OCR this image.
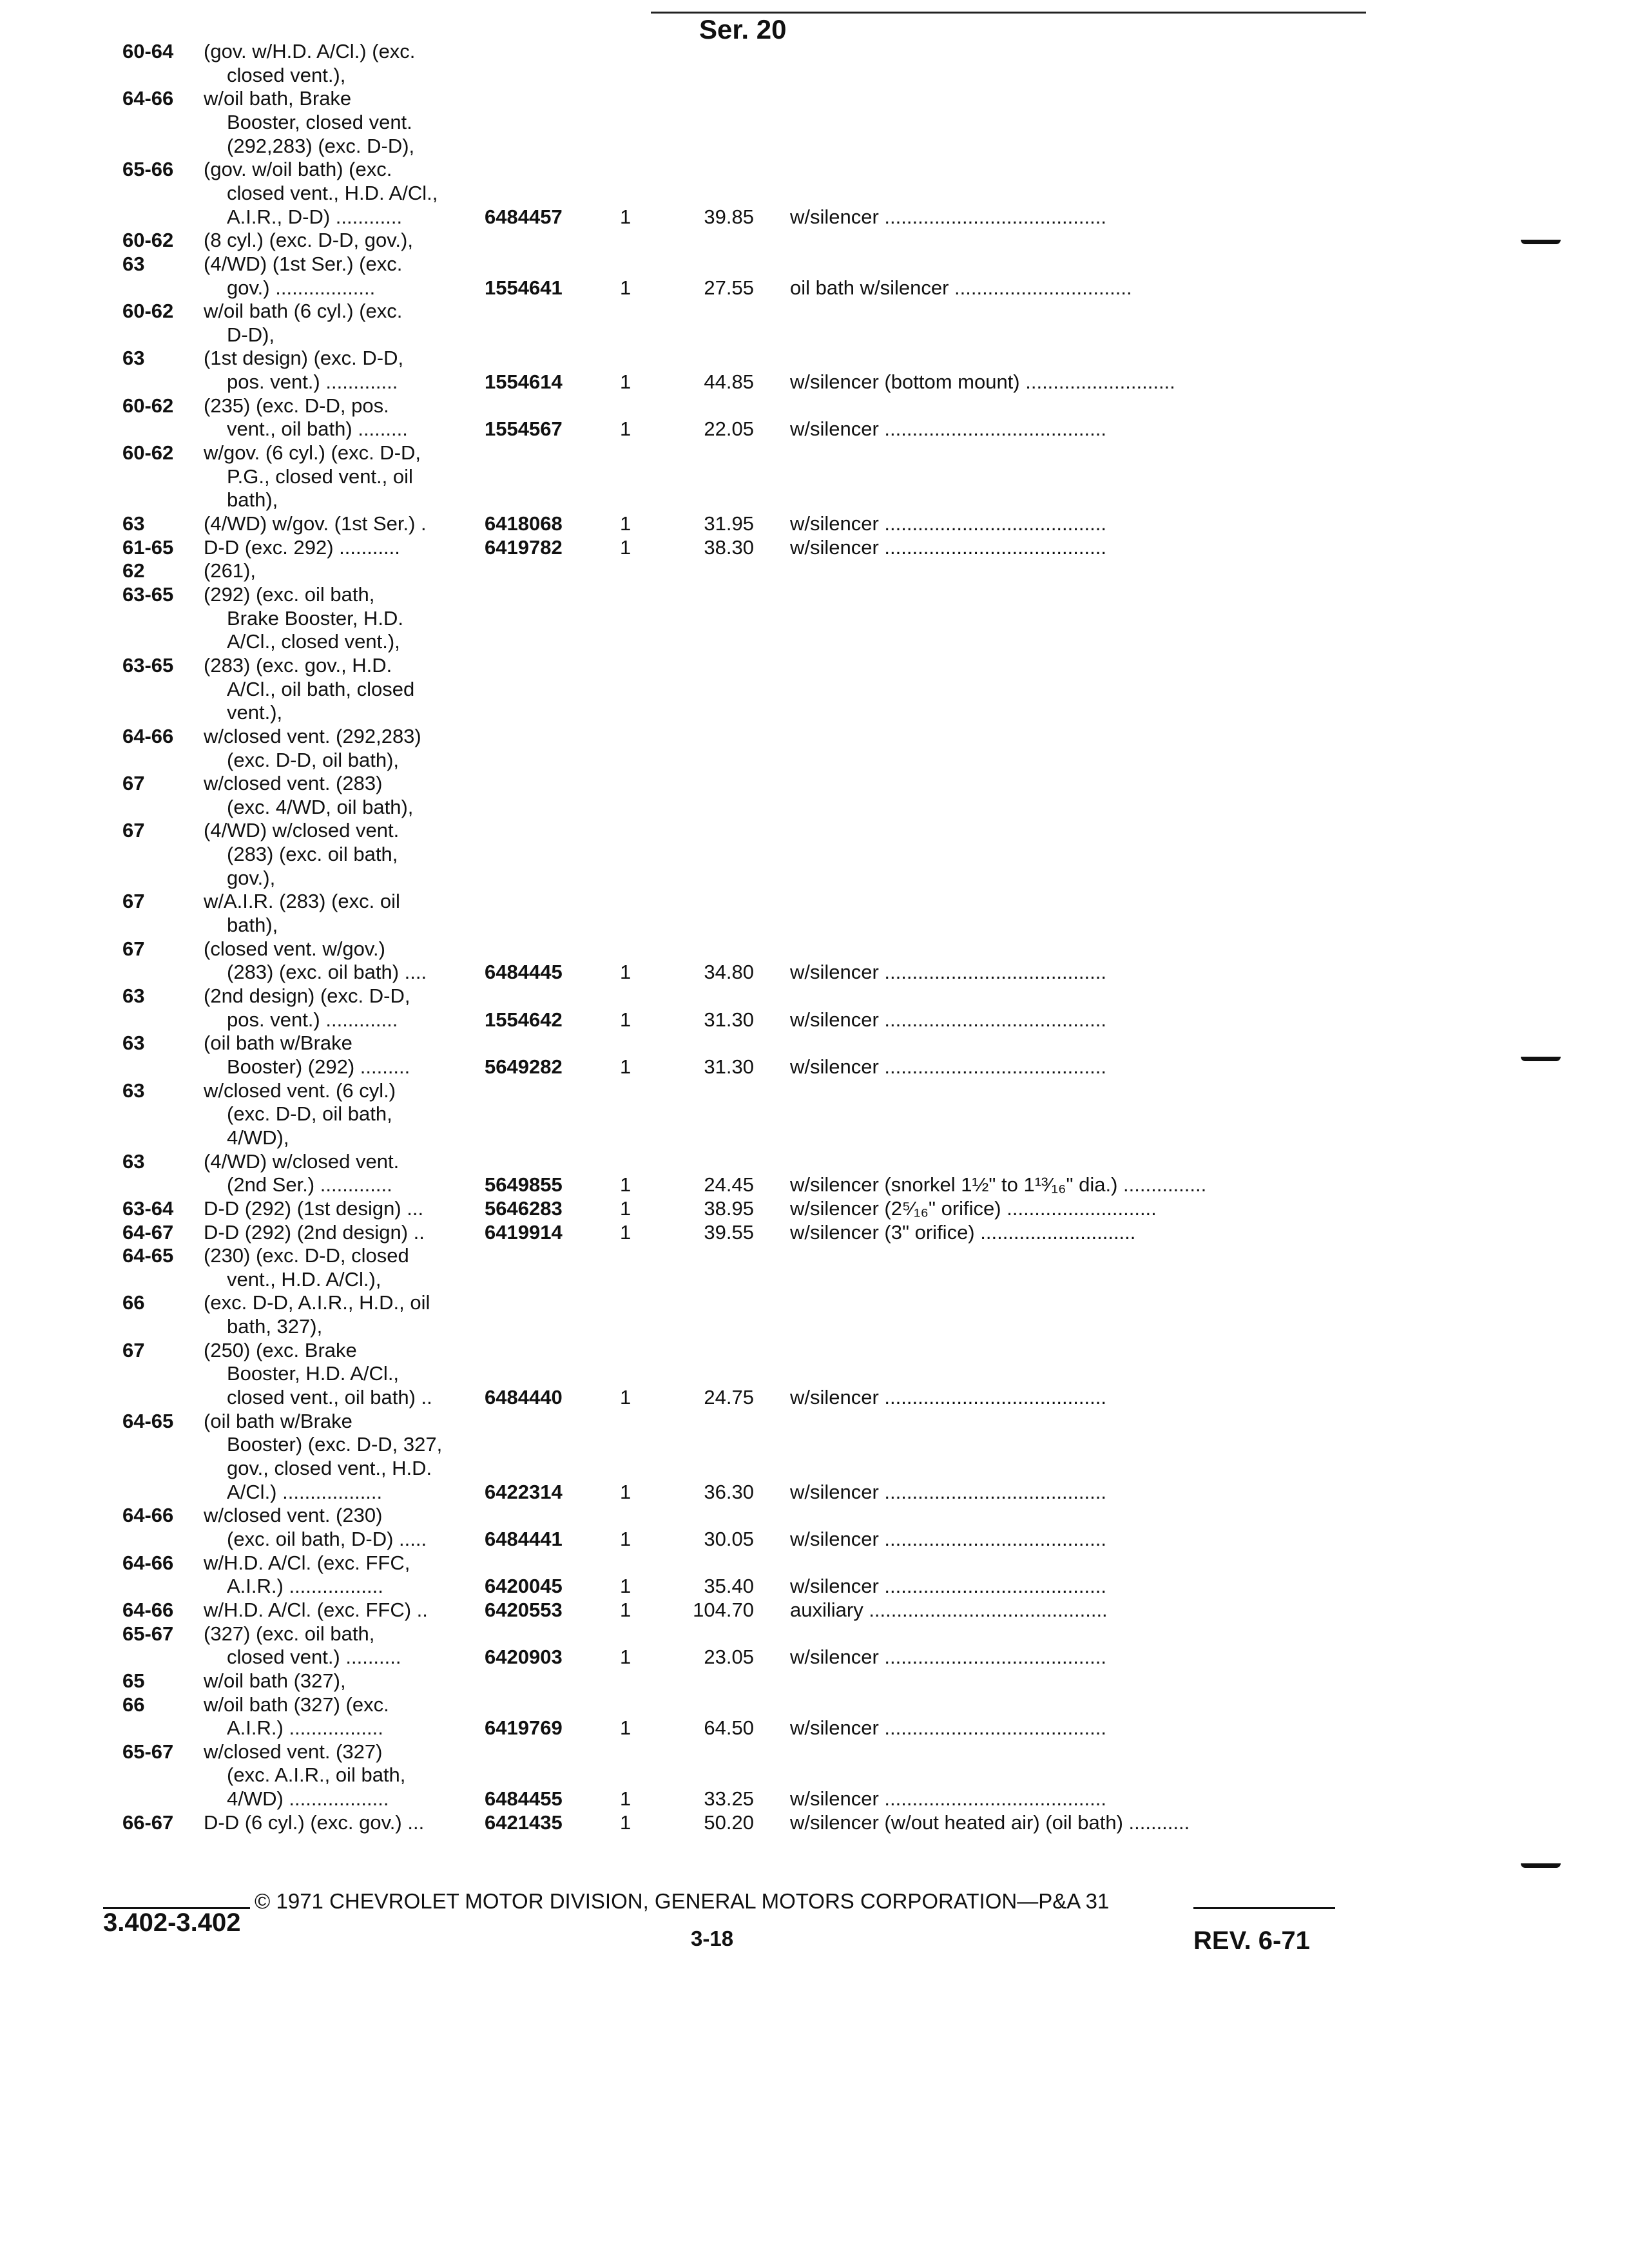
Ser. 20
60-64 (gov. w/H.D. A/Cl.) (exc.
closed vent.),
64-66 w/oil bath, Brake
Booster, closed vent.
(292,283) (exc. D-D),
65-66 (gov. w/oil bath) (exc.
closed vent., H.D. A/Cl.,
A.I.R., D-D) ............	6484457	1	39.85 w/silencer ........................................
60-62 (8 cyl.) (exc. D-D, gov.),
63	(4/WD) (1st Ser.) (exc.
gov.) ..................	1554641	1	27.55 oil bath w/silencer ................................
60-62 w/oil bath (6 cyl.) (exc.
D-D),
63	(1st design) (exc. D-D,
pos. vent.) .............	1554614	1	44.85 w/silencer (bottom mount) ...........................
60-62 (235) (exc. D-D, pos.
vent., oil bath) .........	1554567	1	22.05 w/silencer ........................................
60-62 w/gov. (6 cyl.) (exc. D-D,
P.G., closed vent., oil
bath),
63	(4/WD) w/gov. (1st Ser.) .	6418068	1	31.95 w/silencer ........................................
61-65 D-D (exc. 292) ...........	6419782	1	38.30 w/silencer ........................................
62	(261),
63-65 (292) (exc. oil bath,
Brake Booster, H.D.
A/Cl., closed vent.),
63-65 (283) (exc. gov., H.D.
A/Cl., oil bath, closed
vent.),
64-66 w/closed vent. (292,283)
(exc. D-D, oil bath),
67	w/closed vent. (283)
(exc. 4/WD, oil bath),
67	(4/WD) w/closed vent.
(283) (exc. oil bath,
gov.),
67	w/A.I.R. (283) (exc. oil
bath),
67	(closed vent. w/gov.)
(283) (exc. oil bath) ....	6484445	1	34.80 w/silencer ........................................
63	(2nd design) (exc. D-D,
pos. vent.) .............	1554642	1	31.30 w/silencer ........................................
63	(oil bath w/Brake
Booster) (292) .........	5649282	1	31.30 w/silencer ........................................
63	w/closed vent. (6 cyl.)
(exc. D-D, oil bath,
4/WD),
63	(4/WD) w/closed vent.
(2nd Ser.) .............	5649855	1	24.45 w/silencer (snorkel 1½" to 1¹³⁄₁₆" dia.) ...............
63-64 D-D (292) (1st design) ...	5646283	1	38.95 w/silencer (2⁵⁄₁₆" orifice) ...........................
64-67 D-D (292) (2nd design) ..	6419914	1	39.55 w/silencer (3" orifice) ............................
64-65 (230) (exc. D-D, closed
vent., H.D. A/Cl.),
66	(exc. D-D, A.I.R., H.D., oil
bath, 327),
67	(250) (exc. Brake
Booster, H.D. A/Cl.,
closed vent., oil bath) ..	6484440	1	24.75 w/silencer ........................................
64-65 (oil bath w/Brake
Booster) (exc. D-D, 327,
gov., closed vent., H.D.
A/Cl.) ..................	6422314	1	36.30 w/silencer ........................................
64-66 w/closed vent. (230)
(exc. oil bath, D-D) .....	6484441	1	30.05 w/silencer ........................................
64-66 w/H.D. A/Cl. (exc. FFC,
A.I.R.) .................	6420045	1	35.40 w/silencer ........................................
64-66 w/H.D. A/Cl. (exc. FFC) ..	6420553	1	104.70 auxiliary ...........................................
65-67 (327) (exc. oil bath,
closed vent.) ..........	6420903	1	23.05 w/silencer ........................................
65	w/oil bath (327),
66	w/oil bath (327) (exc.
A.I.R.) .................	6419769	1	64.50 w/silencer ........................................
65-67 w/closed vent. (327)
(exc. A.I.R., oil bath,
4/WD) ..................	6484455	1	33.25 w/silencer ........................................
66-67 D-D (6 cyl.) (exc. gov.) ...	6421435	1	50.20 w/silencer (w/out heated air) (oil bath) ...........
© 1971 CHEVROLET MOTOR DIVISION, GENERAL MOTORS CORPORATION—P&A 31
3.402-3.402
3-18	REV. 6-71
